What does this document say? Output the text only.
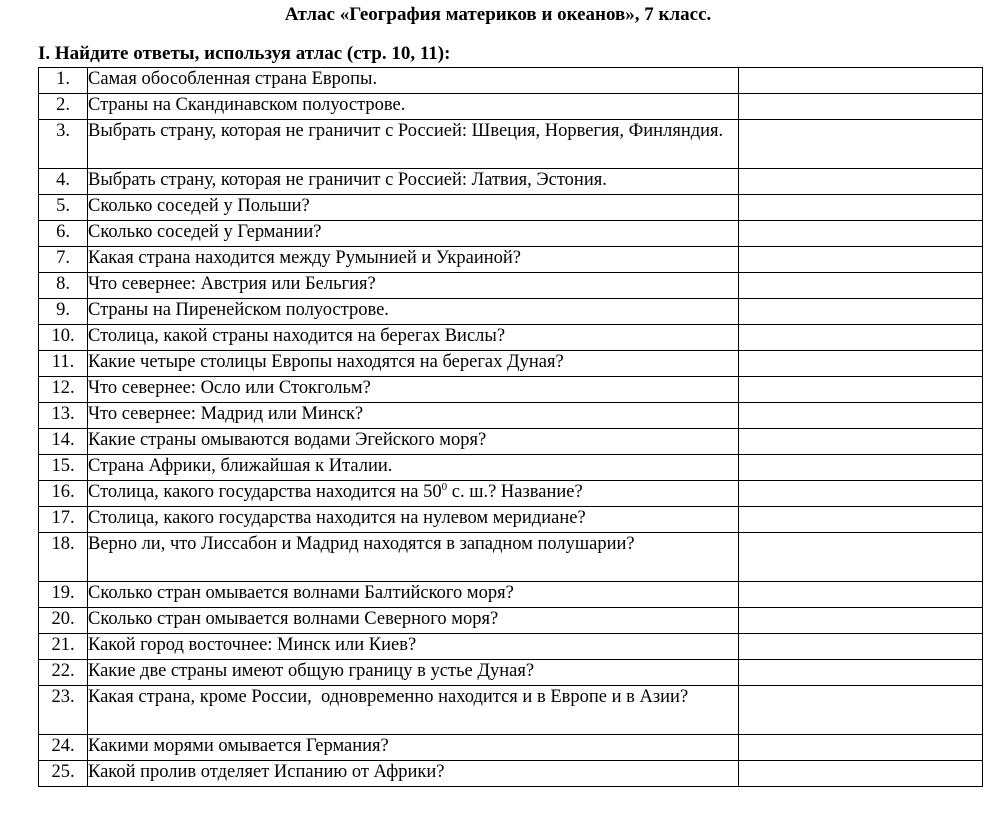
Атлас «География материков и океанов», 7 класс.
I. Найдите ответы, используя атлас (стр. 10, 11):
1.	Самая обособленная страна Европы.	
2.	Страны на Скандинавском полуострове.	
3.	Выбрать страну, которая не граничит с Россией: Швеция, Норвегия, Финляндия.	
4.	Выбрать страну, которая не граничит с Россией: Латвия, Эстония.	
5.	Сколько соседей у Польши?	
6.	Сколько соседей у Германии?	
7.	Какая страна находится между Румынией и Украиной?	
8.	Что севернее: Австрия или Бельгия?	
9.	Страны на Пиренейском полуострове.	
10.	Столица, какой страны находится на берегах Вислы?	
11.	Какие четыре столицы Европы находятся на берегах Дуная?	
12.	Что севернее: Осло или Стокгольм?	
13.	Что севернее: Мадрид или Минск?	
14.	Какие страны омываются водами Эгейского моря?	
15.	Страна Африки, ближайшая к Италии.	
16.	Столица, какого государства находится на $50^0$ с. ш.? Название?	
17.	Столица, какого государства находится на нулевом меридиане?	
18.	Верно ли, что Лиссабон и Мадрид находятся в западном полушарии?	
19.	Сколько стран омывается волнами Балтийского моря?	
20.	Сколько стран омывается волнами Северного моря?	
21.	Какой город восточнее: Минск или Киев?	
22.	Какие две страны имеют общую границу в устье Дуная?	
23.	Какая страна, кроме России,  одновременно находится и в Европе и в Азии?	
24.	Какими морями омывается Германия?	
25.	Какой пролив отделяет Испанию от Африки?	
